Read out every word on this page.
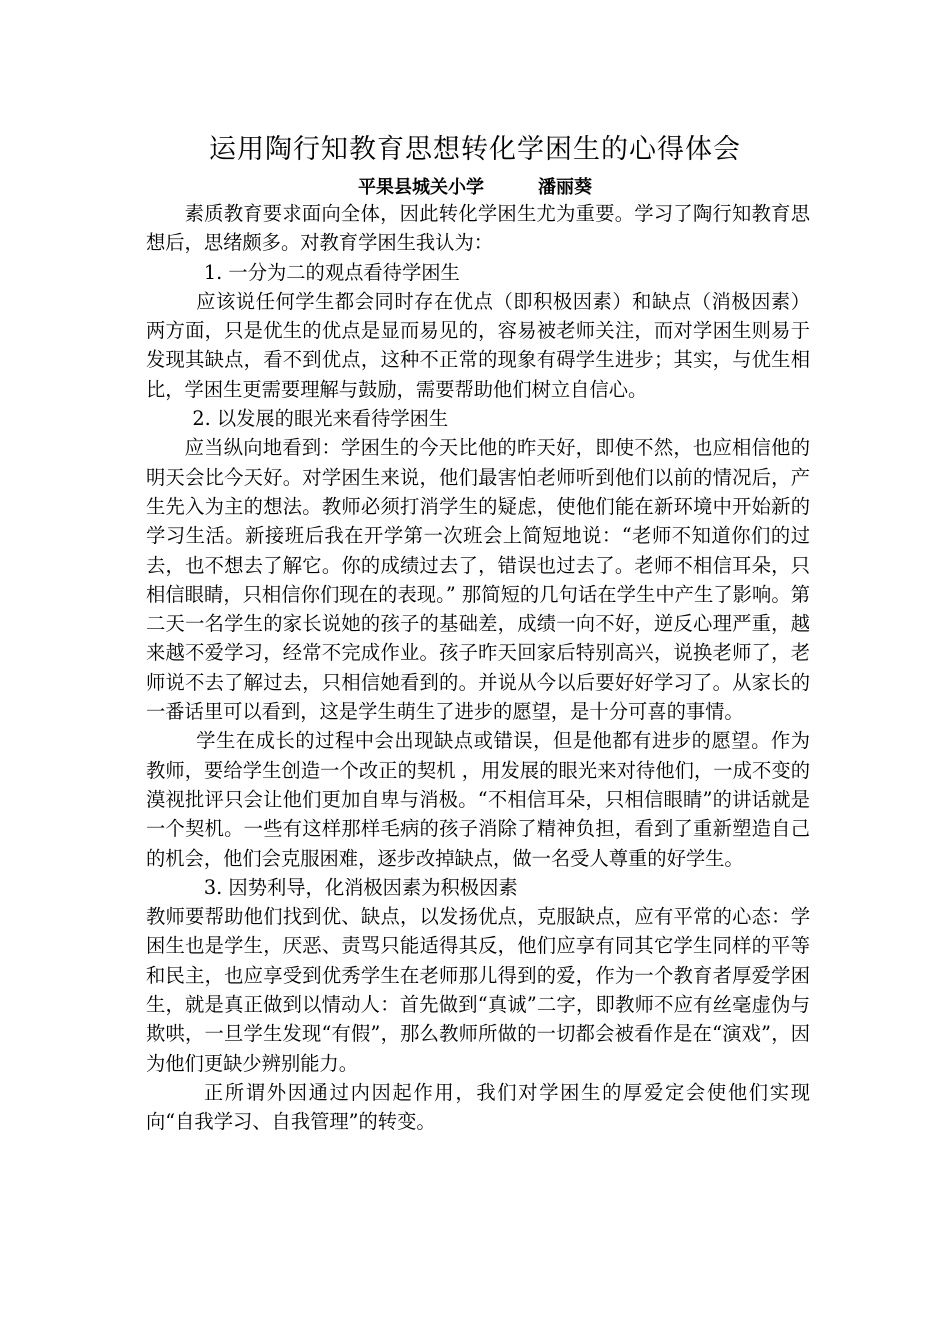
运用陶行知教育思想转化学困生的心得体会
平果县城关小学	潘丽葵

素质教育要求面向全体，因此转化学困生尤为重要。学习了陶行知教育思想后，思绪颇多。对教育学困生我认为：

1. 一分为二的观点看待学困生

应该说任何学生都会同时存在优点（即积极因素）和缺点（消极因素）两方面，只是优生的优点是显而易见的，容易被老师关注，而对学困生则易于发现其缺点，看不到优点，这种不正常的现象有碍学生进步；其实，与优生相比，学困生更需要理解与鼓励，需要帮助他们树立自信心。

2. 以发展的眼光来看待学困生

应当纵向地看到：学困生的今天比他的昨天好，即使不然，也应相信他的明天会比今天好。对学困生来说，他们最害怕老师听到他们以前的情况后，产生先入为主的想法。教师必须打消学生的疑虑，使他们能在新环境中开始新的学习生活。新接班后我在开学第一次班会上简短地说：“老师不知道你们的过去，也不想去了解它。你的成绩过去了，错误也过去了。老师不相信耳朵，只相信眼睛，只相信你们现在的表现。” 那简短的几句话在学生中产生了影响。第二天一名学生的家长说她的孩子的基础差，成绩一向不好，逆反心理严重，越来越不爱学习，经常不完成作业。孩子昨天回家后特别高兴，说换老师了，老师说不去了解过去，只相信她看到的。并说从今以后要好好学习了。从家长的一番话里可以看到，这是学生萌生了进步的愿望，是十分可喜的事情。

学生在成长的过程中会出现缺点或错误，但是他都有进步的愿望。作为教师，要给学生创造一个改正的契机 ，用发展的眼光来对待他们，一成不变的漠视批评只会让他们更加自卑与消极。“不相信耳朵，只相信眼睛”的讲话就是一个契机。一些有这样那样毛病的孩子消除了精神负担，看到了重新塑造自己的机会，他们会克服困难，逐步改掉缺点，做一名受人尊重的好学生。

3. 因势利导，化消极因素为积极因素

教师要帮助他们找到优、缺点，以发扬优点，克服缺点，应有平常的心态：学困生也是学生，厌恶、责骂只能适得其反，他们应享有同其它学生同样的平等和民主，也应享受到优秀学生在老师那儿得到的爱，作为一个教育者厚爱学困生，就是真正做到以情动人：首先做到“真诚”二字，即教师不应有丝毫虚伪与欺哄，一旦学生发现“有假”，那么教师所做的一切都会被看作是在“演戏”，因为他们更缺少辨别能力。

正所谓外因通过内因起作用，我们对学困生的厚爱定会使他们实现向“自我学习、自我管理”的转变。
